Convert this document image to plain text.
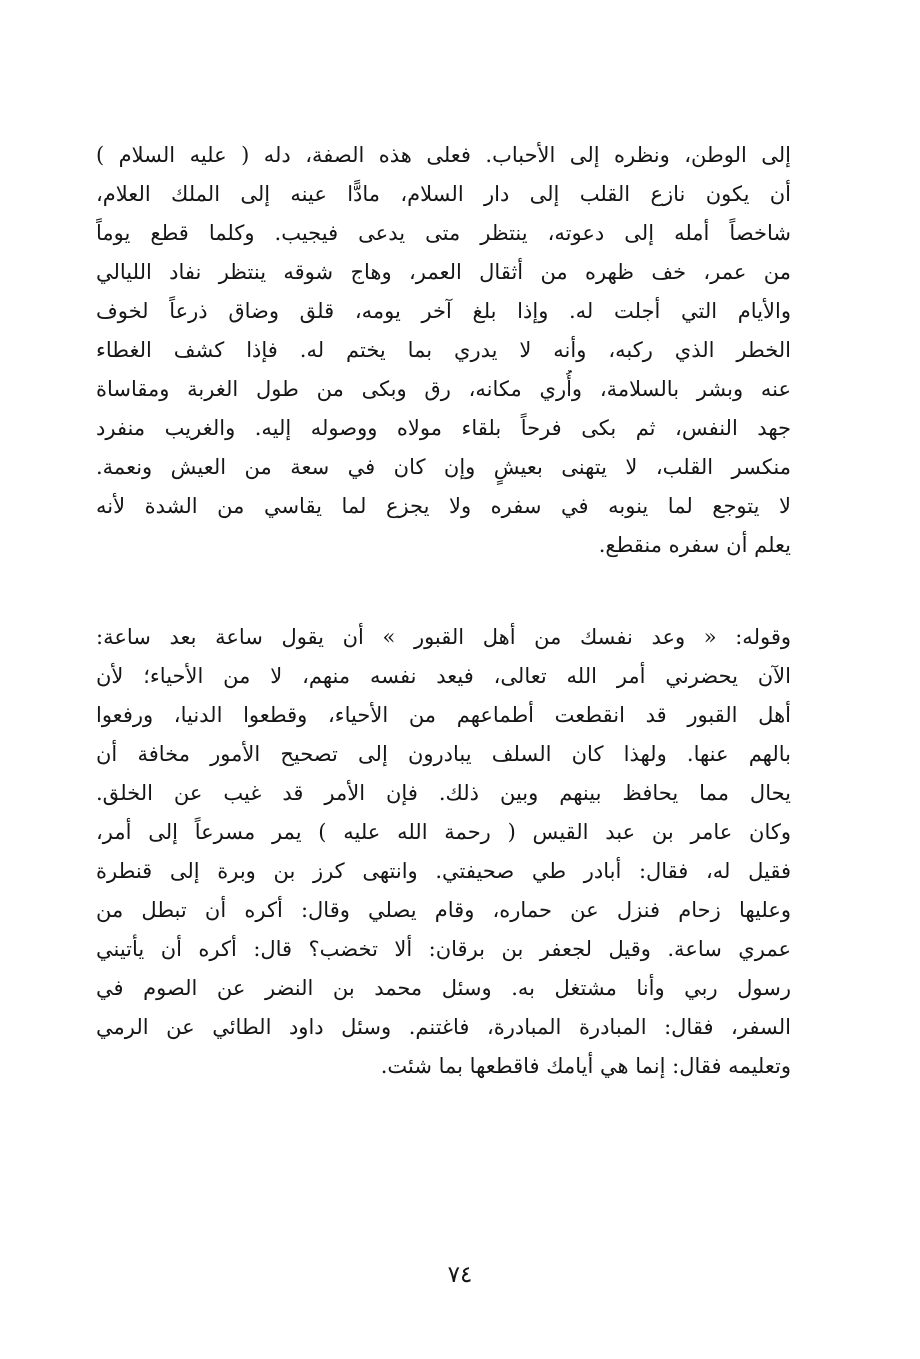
إلى الوطن، ونظره إلى الأحباب. فعلى هذه الصفة، دله ( عليه السلام )
أن يكون نازع القلب إلى دار السلام، مادًّا عينه إلى الملك العلام،
شاخصاً أمله إلى دعوته، ينتظر متى يدعى فيجيب. وكلما قطع يوماً
من عمر، خف ظهره من أثقال العمر، وهاج شوقه ينتظر نفاد الليالي
والأيام التي أجلت له. وإذا بلغ آخر يومه، قلق وضاق ذرعاً لخوف
الخطر الذي ركبه، وأنه لا يدري بما يختم له. فإذا كشف الغطاء
عنه وبشر بالسلامة، وأُري مكانه، رق وبكى من طول الغربة ومقاساة
جهد النفس، ثم بكى فرحاً بلقاء مولاه ووصوله إليه. والغريب منفرد
منكسر القلب، لا يتهنى بعيشٍ وإن كان في سعة من العيش ونعمة.
لا يتوجع لما ينوبه في سفره ولا يجزع لما يقاسي من الشدة لأنه
يعلم أن سفره منقطع.
وقوله: « وعد نفسك من أهل القبور » أن يقول ساعة بعد ساعة:
الآن يحضرني أمر الله تعالى، فيعد نفسه منهم، لا من الأحياء؛ لأن
أهل القبور قد انقطعت أطماعهم من الأحياء، وقطعوا الدنيا، ورفعوا
بالهم عنها. ولهذا كان السلف يبادرون إلى تصحيح الأمور مخافة أن
يحال مما يحافظ بينهم وبين ذلك. فإن الأمر قد غيب عن الخلق.
وكان عامر بن عبد القيس ( رحمة الله عليه ) يمر مسرعاً إلى أمر،
فقيل له، فقال: أبادر طي صحيفتي. وانتهى كرز بن وبرة إلى قنطرة
وعليها زحام فنزل عن حماره، وقام يصلي وقال: أكره أن تبطل من
عمري ساعة. وقيل لجعفر بن برقان: ألا تخضب؟ قال: أكره أن يأتيني
رسول ربي وأنا مشتغل به. وسئل محمد بن النضر عن الصوم في
السفر، فقال: المبادرة المبادرة، فاغتنم. وسئل داود الطائي عن الرمي
وتعليمه فقال: إنما هي أيامك فاقطعها بما شئت.
٧٤
